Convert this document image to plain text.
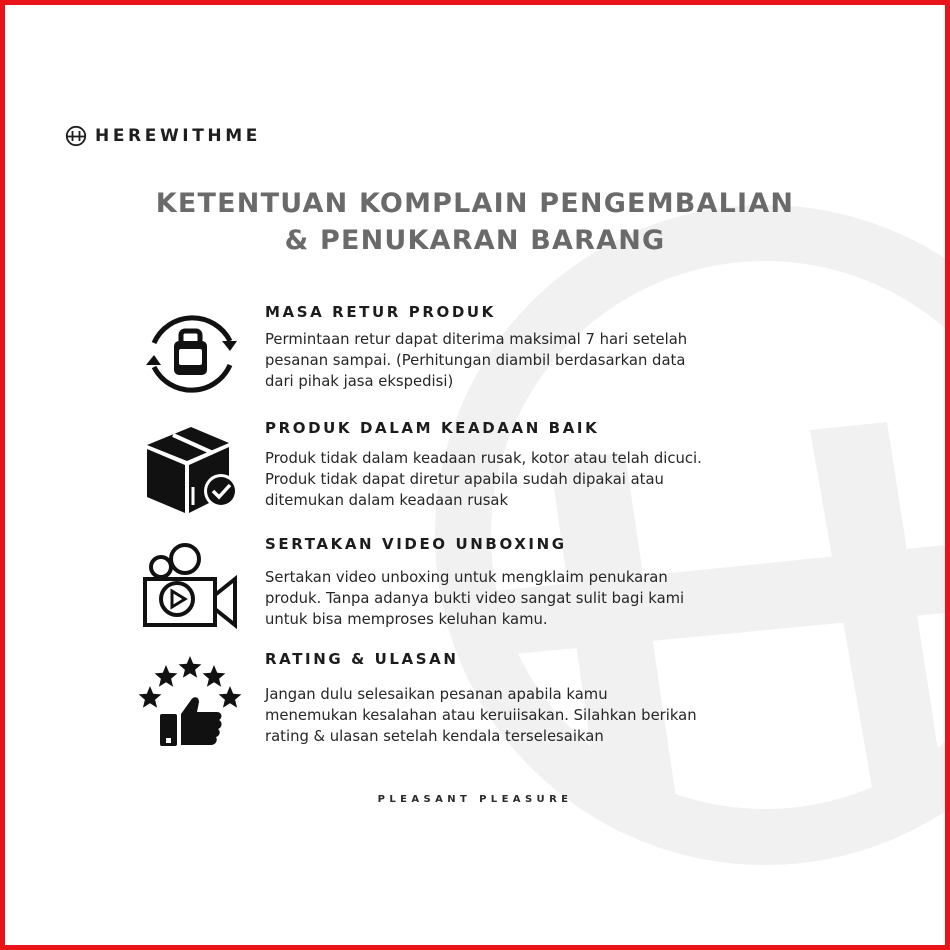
HEREWITHME
KETENTUAN KOMPLAIN PENGEMBALIAN
& PENUKARAN BARANG
MASA RETUR PRODUK
Permintaan retur dapat diterima maksimal 7 hari setelah
pesanan sampai. (Perhitungan diambil berdasarkan data
dari pihak jasa ekspedisi)
PRODUK DALAM KEADAAN BAIK
Produk tidak dalam keadaan rusak, kotor atau telah dicuci.
Produk tidak dapat diretur apabila sudah dipakai atau
ditemukan dalam keadaan rusak
SERTAKAN VIDEO UNBOXING
Sertakan video unboxing untuk mengklaim penukaran
produk. Tanpa adanya bukti video sangat sulit bagi kami
untuk bisa memproses keluhan kamu.
RATING & ULASAN
Jangan dulu selesaikan pesanan apabila kamu
menemukan kesalahan atau keruiisakan. Silahkan berikan
rating & ulasan setelah kendala terselesaikan
PLEASANT PLEASURE
